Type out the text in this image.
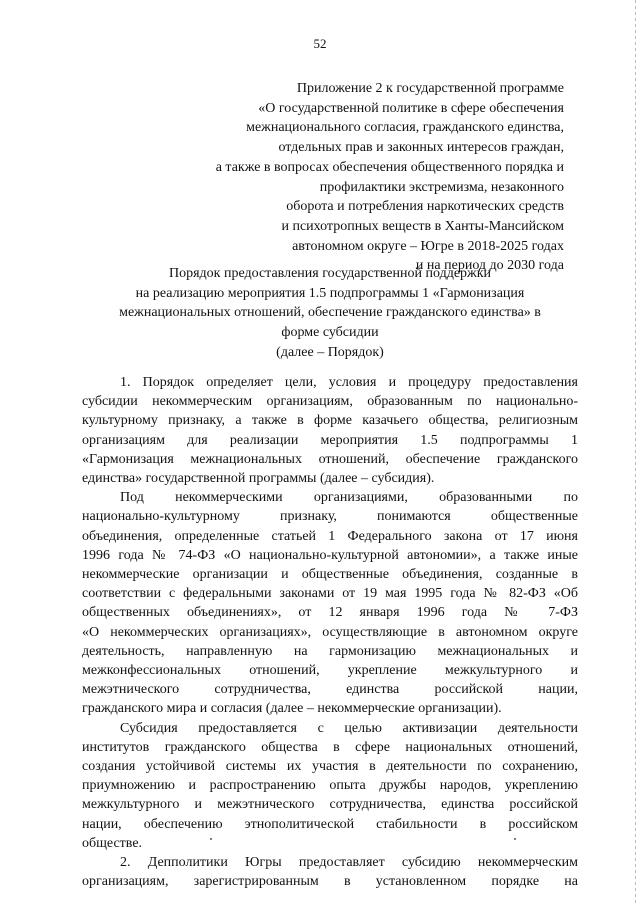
52
Приложение 2 к государственной программе
«О государственной политике в сфере обеспечения
межнационального согласия, гражданского единства,
отдельных прав и законных интересов граждан,
а также в вопросах обеспечения общественного порядка и
профилактики экстремизма, незаконного
оборота и потребления наркотических средств
и психотропных веществ в Ханты-Мансийском
автономном округе – Югре в 2018-2025 годах
и на период до 2030 года
Порядок предоставления государственной поддержки
на реализацию мероприятия 1.5 подпрограммы 1 «Гармонизация
межнациональных отношений, обеспечение гражданского единства» в
форме субсидии
(далее – Порядок)
1. Порядок определяет цели, условия и процедуру предоставления
субсидии некоммерческим организациям, образованным по национально-
культурному признаку, а также в форме казачьего общества, религиозным
организациям для реализации мероприятия 1.5 подпрограммы 1
«Гармонизация межнациональных отношений, обеспечение гражданского
единства» государственной программы (далее – субсидия).
Под некоммерческими организациями, образованными по
национально-культурному признаку, понимаются общественные
объединения, определенные статьей 1 Федерального закона от 17 июня
1996 года № 74-ФЗ «О национально-культурной автономии», а также иные
некоммерческие организации и общественные объединения, созданные в
соответствии с федеральными законами от 19 мая 1995 года № 82-ФЗ «Об
общественных объединениях», от 12 января 1996 года № 7-ФЗ
«О некоммерческих организациях», осуществляющие в автономном округе
деятельность, направленную на гармонизацию межнациональных и
межконфессиональных отношений, укрепление межкультурного и
межэтнического сотрудничества, единства российской нации,
гражданского мира и согласия (далее – некоммерческие организации).
Субсидия предоставляется с целью активизации деятельности
институтов гражданского общества в сфере национальных отношений,
создания устойчивой системы их участия в деятельности по сохранению,
приумножению и распространению опыта дружбы народов, укреплению
межкультурного и межэтнического сотрудничества, единства российской
нации, обеспечению этнополитической стабильности в российском
обществе.
2. Депполитики Югры предоставляет субсидию некоммерческим
организациям, зарегистрированным в установленном порядке на
